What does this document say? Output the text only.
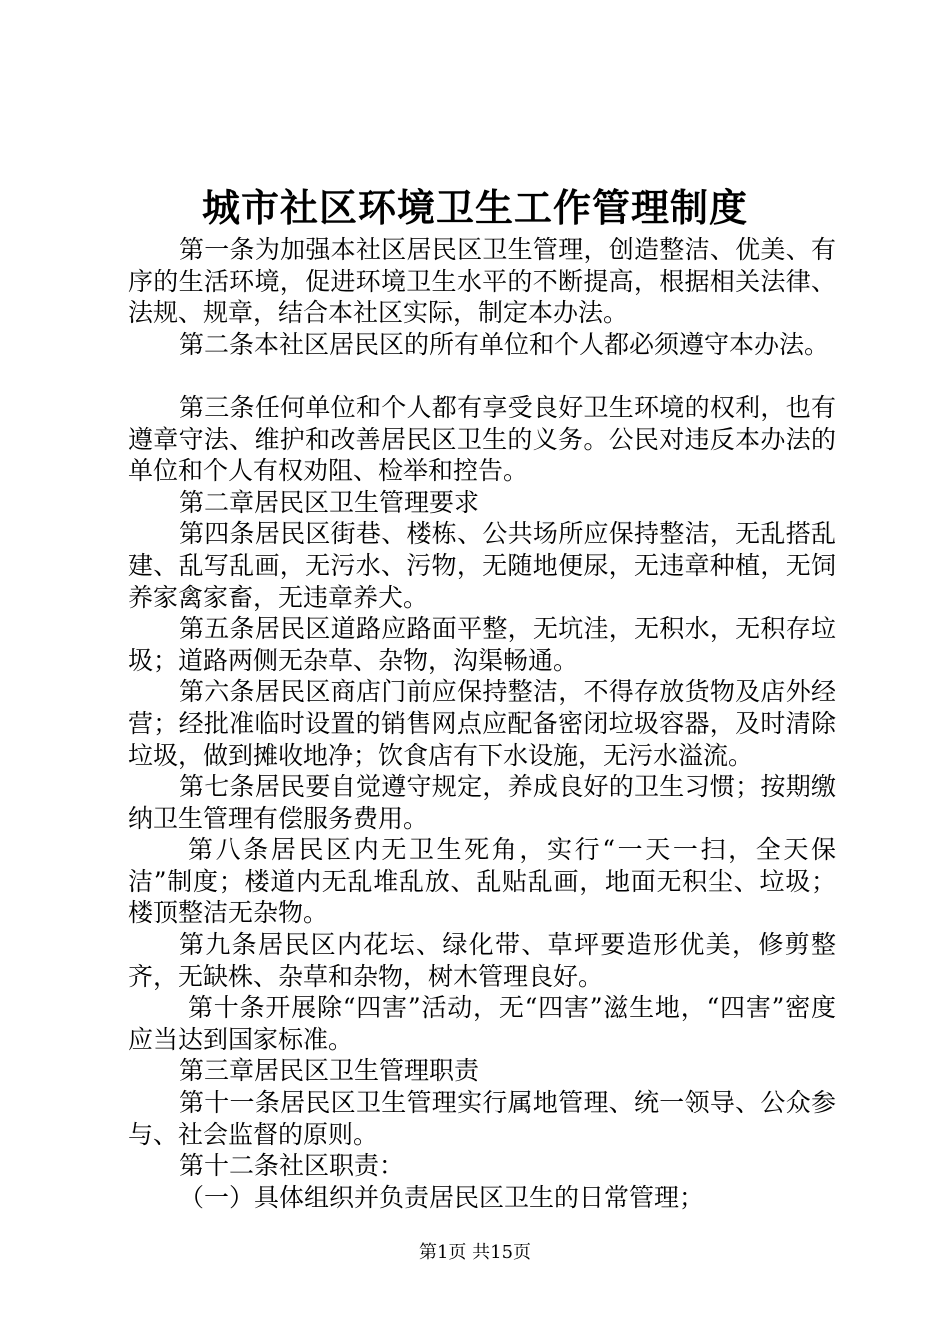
城市社区环境卫生工作管理制度

第一条为加强本社区居民区卫生管理，创造整洁、优美、有序的生活环境，促进环境卫生水平的不断提高，根据相关法律、法规、规章，结合本社区实际，制定本办法。

第二条本社区居民区的所有单位和个人都必须遵守本办法。

第三条任何单位和个人都有享受良好卫生环境的权利，也有遵章守法、维护和改善居民区卫生的义务。公民对违反本办法的单位和个人有权劝阻、检举和控告。

第二章居民区卫生管理要求

第四条居民区街巷、楼栋、公共场所应保持整洁，无乱搭乱建、乱写乱画，无污水、污物，无随地便尿，无违章种植，无饲养家禽家畜，无违章养犬。

第五条居民区道路应路面平整，无坑洼，无积水，无积存垃圾；道路两侧无杂草、杂物，沟渠畅通。

第六条居民区商店门前应保持整洁，不得存放货物及店外经营；经批准临时设置的销售网点应配备密闭垃圾容器，及时清除垃圾，做到摊收地净；饮食店有下水设施，无污水溢流。

第七条居民要自觉遵守规定，养成良好的卫生习惯；按期缴纳卫生管理有偿服务费用。

第八条居民区内无卫生死角，实行“一天一扫，全天保洁”制度；楼道内无乱堆乱放、乱贴乱画，地面无积尘、垃圾；楼顶整洁无杂物。

第九条居民区内花坛、绿化带、草坪要造形优美，修剪整齐，无缺株、杂草和杂物，树木管理良好。

第十条开展除“四害”活动，无“四害”滋生地，“四害”密度应当达到国家标准。

第三章居民区卫生管理职责

第十一条居民区卫生管理实行属地管理、统一领导、公众参与、社会监督的原则。

第十二条社区职责：

（一）具体组织并负责居民区卫生的日常管理；

第1页 共15页
